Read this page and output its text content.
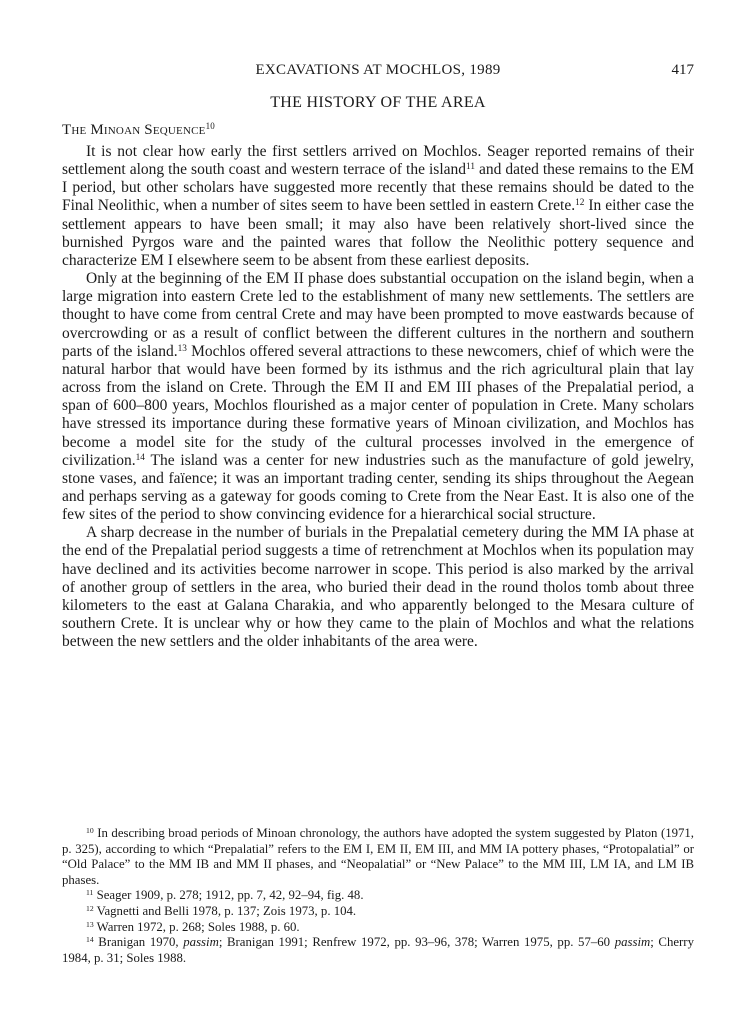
EXCAVATIONS AT MOCHLOS, 1989	417
THE HISTORY OF THE AREA
The Minoan Sequence$^{10}$

It is not clear how early the first settlers arrived on Mochlos. Seager reported remains of their settlement along the south coast and western terrace of the island$^{11}$ and dated these remains to the EM I period, but other scholars have suggested more recently that these remains should be dated to the Final Neolithic, when a number of sites seem to have been settled in eastern Crete.$^{12}$ In either case the settlement appears to have been small; it may also have been relatively short-lived since the burnished Pyrgos ware and the painted wares that follow the Neolithic pottery sequence and characterize EM I elsewhere seem to be absent from these earliest deposits.

Only at the beginning of the EM II phase does substantial occupation on the island begin, when a large migration into eastern Crete led to the establishment of many new settlements. The settlers are thought to have come from central Crete and may have been prompted to move eastwards because of overcrowding or as a result of conflict between the different cultures in the northern and southern parts of the island.$^{13}$ Mochlos offered several attractions to these newcomers, chief of which were the natural harbor that would have been formed by its isthmus and the rich agricultural plain that lay across from the island on Crete. Through the EM II and EM III phases of the Prepalatial period, a span of 600–800 years, Mochlos flourished as a major center of population in Crete. Many scholars have stressed its importance during these formative years of Minoan civilization, and Mochlos has become a model site for the study of the cultural processes involved in the emergence of civilization.$^{14}$ The island was a center for new industries such as the manufacture of gold jewelry, stone vases, and faïence; it was an important trading center, sending its ships throughout the Aegean and perhaps serving as a gateway for goods coming to Crete from the Near East. It is also one of the few sites of the period to show convincing evidence for a hierarchical social structure.

A sharp decrease in the number of burials in the Prepalatial cemetery during the MM IA phase at the end of the Prepalatial period suggests a time of retrenchment at Mochlos when its population may have declined and its activities become narrower in scope. This period is also marked by the arrival of another group of settlers in the area, who buried their dead in the round tholos tomb about three kilometers to the east at Galana Charakia, and who apparently belonged to the Mesara culture of southern Crete. It is unclear why or how they came to the plain of Mochlos and what the relations between the new settlers and the older inhabitants of the area were.

$^{10}$ In describing broad periods of Minoan chronology, the authors have adopted the system suggested by Platon (1971, p. 325), according to which “Prepalatial” refers to the EM I, EM II, EM III, and MM IA pottery phases, “Protopalatial” or “Old Palace” to the MM IB and MM II phases, and “Neopalatial” or “New Palace” to the MM III, LM IA, and LM IB phases.

$^{11}$ Seager 1909, p. 278; 1912, pp. 7, 42, 92–94, fig. 48.

$^{12}$ Vagnetti and Belli 1978, p. 137; Zois 1973, p. 104.

$^{13}$ Warren 1972, p. 268; Soles 1988, p. 60.

$^{14}$ Branigan 1970, passim; Branigan 1991; Renfrew 1972, pp. 93–96, 378; Warren 1975, pp. 57–60 passim; Cherry 1984, p. 31; Soles 1988.
